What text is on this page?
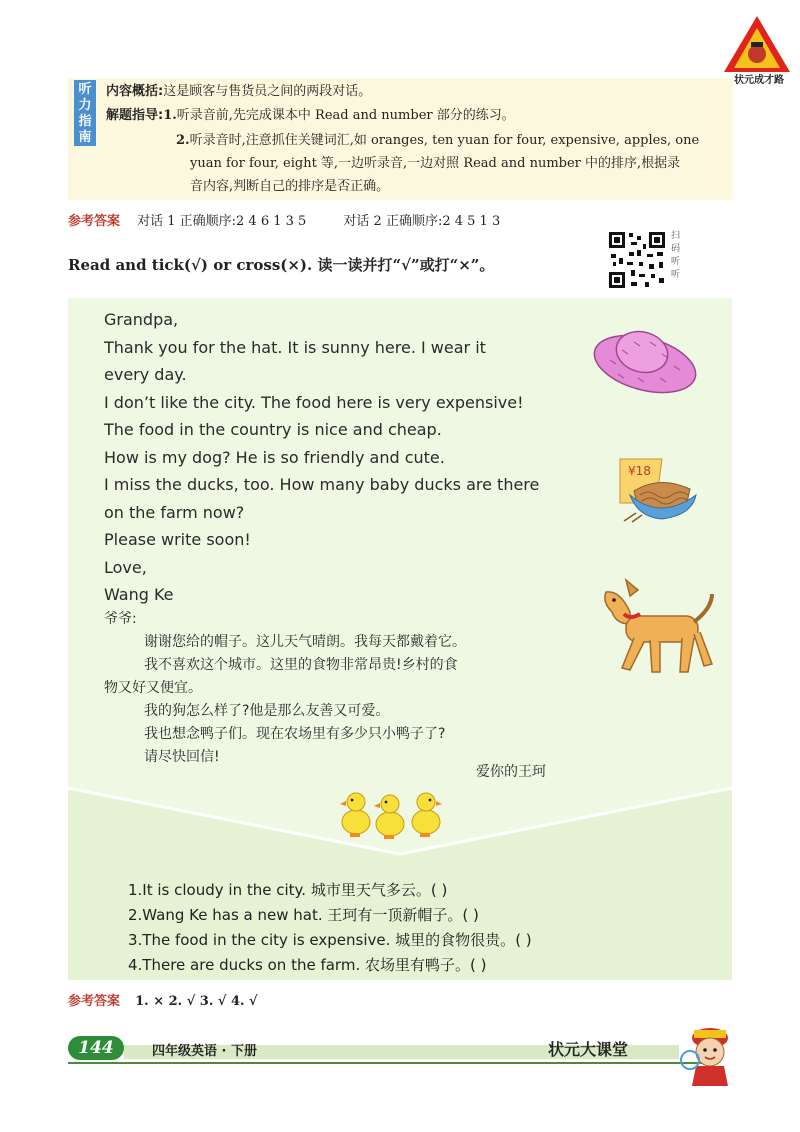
状元成才路
听
力
指
南
内容概括:这是顾客与售货员之间的两段对话。
解题指导:1.听录音前,先完成课本中 Read and number 部分的练习。
2.听录音时,注意抓住关键词汇,如 oranges, ten yuan for four, expensive, apples, one
yuan for four, eight 等,一边听录音,一边对照 Read and number 中的排序,根据录
音内容,判断自己的排序是否正确。
参考答案 对话 1 正确顺序:2 4 6 1 3 5	对话 2 正确顺序:2 4 5 1 3
Read and tick(√) or cross(×). 读一读并打“√”或打“×”。
扫
码
听
听
¥18
Grandpa,
Thank you for the hat. It is sunny here. I wear it
every day.
I don’t like the city. The food here is very expensive!
The food in the country is nice and cheap.
How is my dog? He is so friendly and cute.
I miss the ducks, too. How many baby ducks are there
on the farm now?
Please write soon!
Love,
Wang Ke
爷爷:
谢谢您给的帽子。这儿天气晴朗。我每天都戴着它。
我不喜欢这个城市。这里的食物非常昂贵!乡村的食
物又好又便宜。
我的狗怎么样了?他是那么友善又可爱。
我也想念鸭子们。现在农场里有多少只小鸭子了?
请尽快回信!
爱你的王珂
1.It is cloudy in the city. 城市里天气多云。( )
2.Wang Ke has a new hat. 王珂有一顶新帽子。( )
3.The food in the city is expensive. 城里的食物很贵。( )
4.There are ducks on the farm. 农场里有鸭子。( )
参考答案 1. × 2. √ 3. √ 4. √
144	四年级英语 · 下册	状元大课堂
